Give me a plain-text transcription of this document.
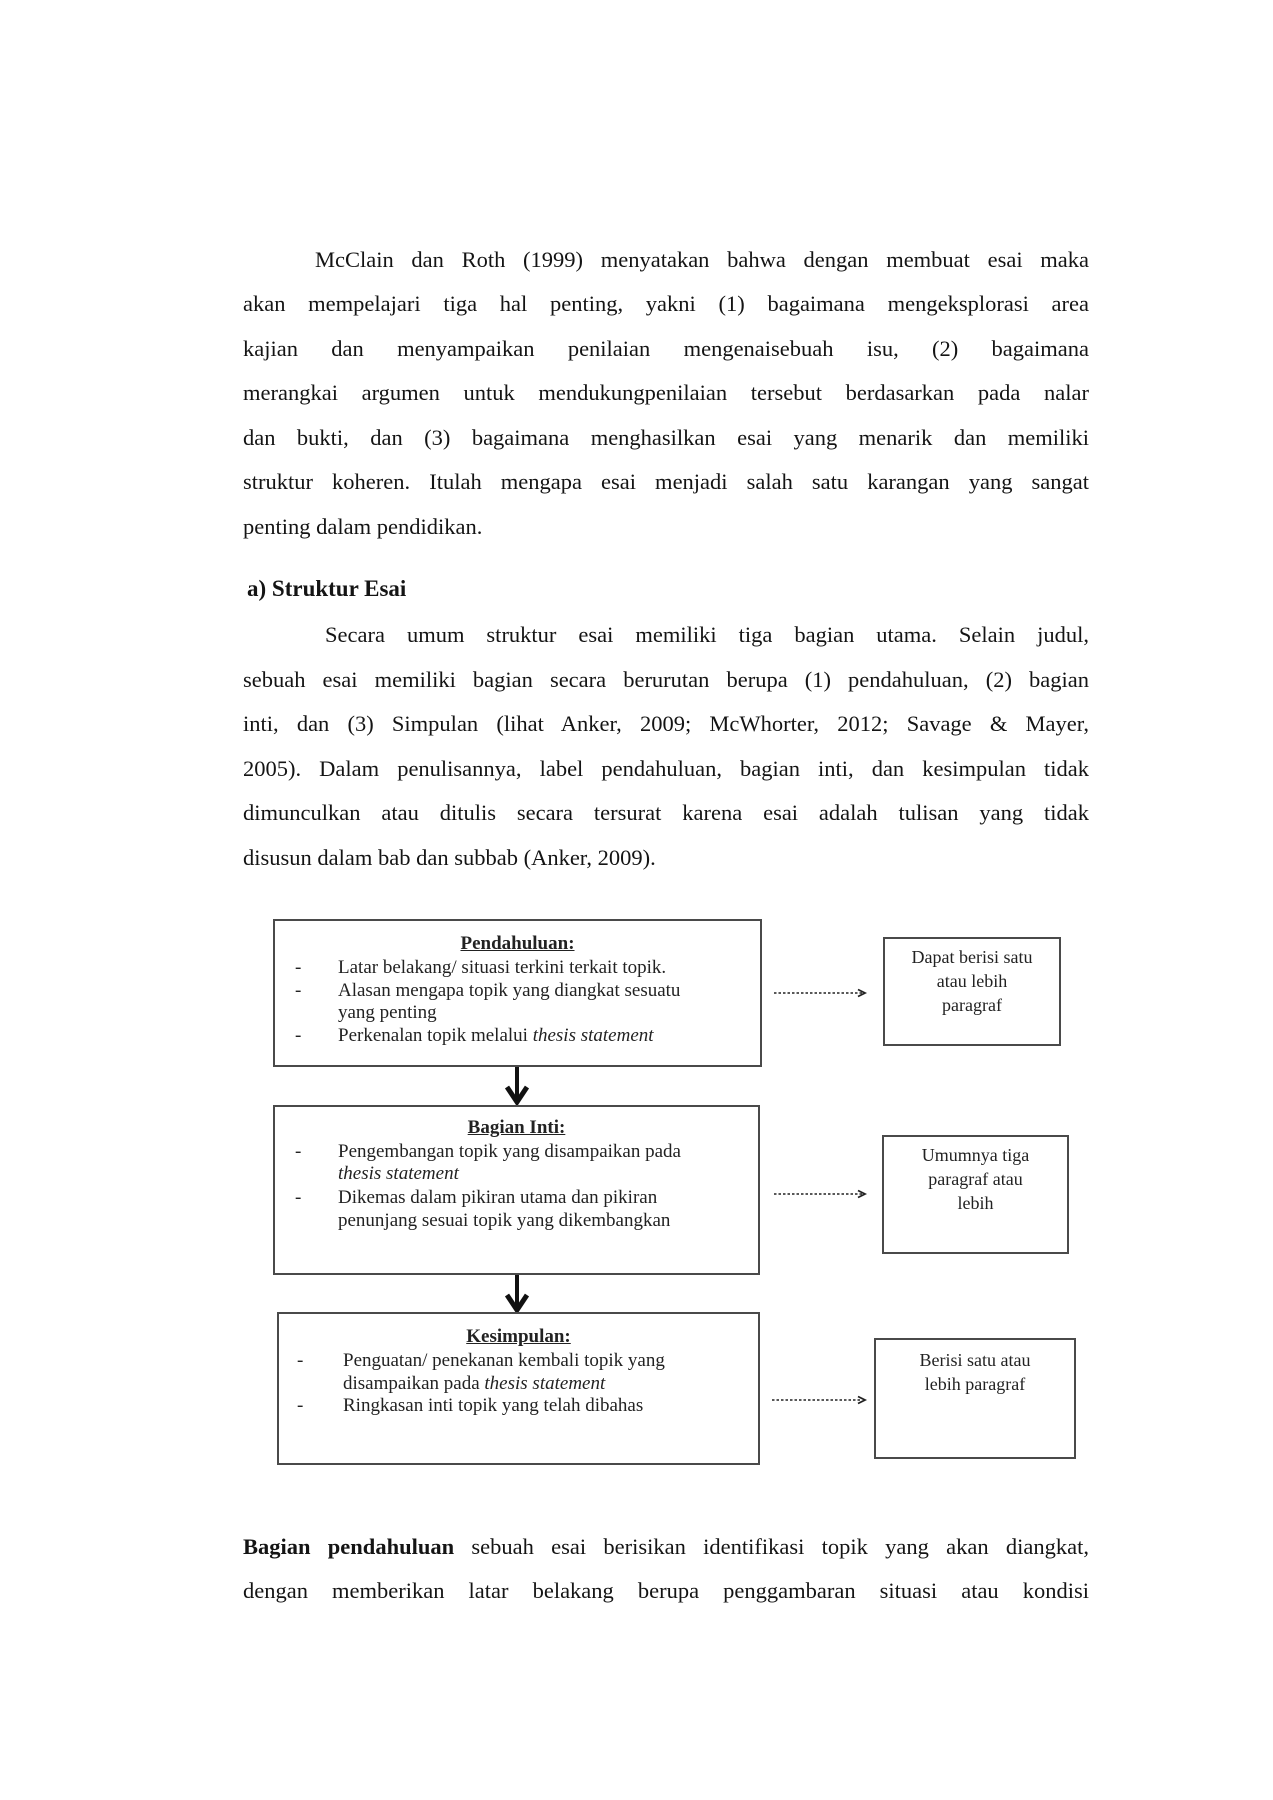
McClain dan Roth (1999) menyatakan bahwa dengan membuat esai maka
akan mempelajari tiga hal penting, yakni (1) bagaimana mengeksplorasi area
kajian dan menyampaikan penilaian mengenaisebuah isu, (2) bagaimana
merangkai argumen untuk mendukungpenilaian tersebut berdasarkan pada nalar
dan bukti, dan (3) bagaimana menghasilkan esai yang menarik dan memiliki
struktur koheren. Itulah mengapa esai menjadi salah satu karangan yang sangat
penting dalam pendidikan.
a) Struktur Esai
Secara umum struktur esai memiliki tiga bagian utama. Selain judul,
sebuah esai memiliki bagian secara berurutan berupa (1) pendahuluan, (2) bagian
inti, dan (3) Simpulan (lihat Anker, 2009; McWhorter, 2012; Savage & Mayer,
2005). Dalam penulisannya, label pendahuluan, bagian inti, dan kesimpulan tidak
dimunculkan atau ditulis secara tersurat karena esai adalah tulisan yang tidak
disusun dalam bab dan subbab (Anker, 2009).
Pendahuluan:
- Latar belakang/ situasi terkini terkait topik.
- Alasan mengapa topik yang diangkat sesuatu
yang penting
- Perkenalan topik melalui thesis statement
Bagian Inti:
- Pengembangan topik yang disampaikan pada
thesis statement
- Dikemas dalam pikiran utama dan pikiran
penunjang sesuai topik yang dikembangkan
Kesimpulan:
- Penguatan/ penekanan kembali topik yang
disampaikan pada thesis statement
- Ringkasan inti topik yang telah dibahas
Dapat berisi satu
atau lebih
paragraf
Umumnya tiga
paragraf atau
lebih
Berisi satu atau
lebih paragraf
Bagian pendahuluan sebuah esai berisikan identifikasi topik yang akan diangkat,
dengan memberikan latar belakang berupa penggambaran situasi atau kondisi
